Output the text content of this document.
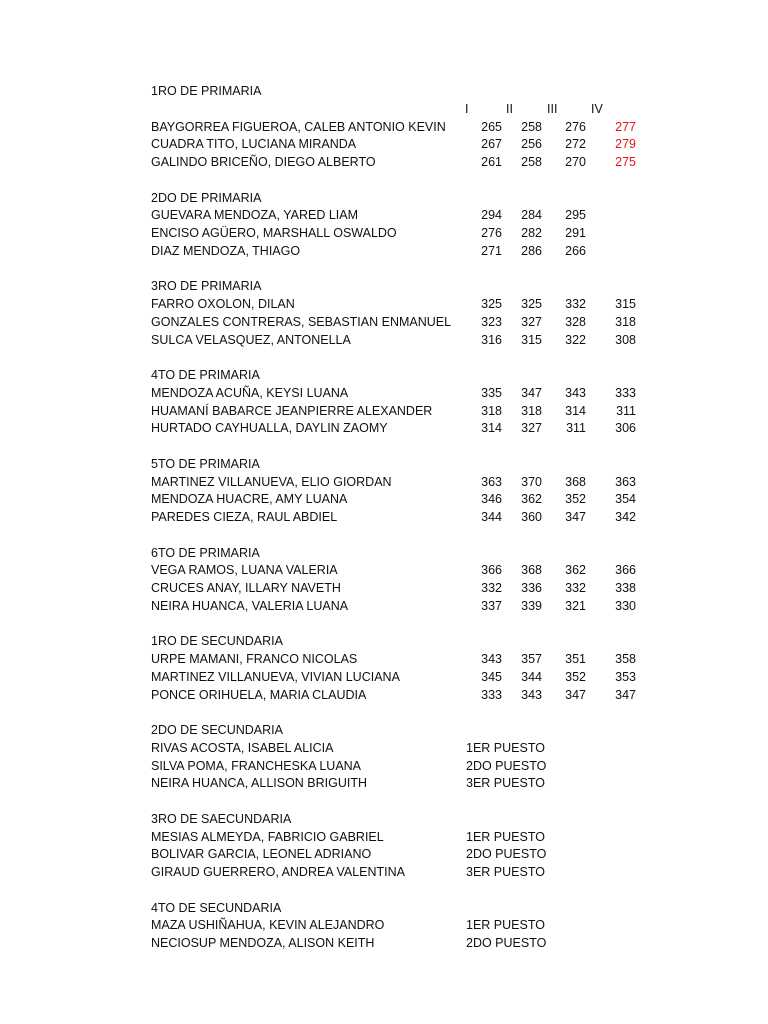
1RO DE PRIMARIA
I	II	III	IV
BAYGORREA FIGUEROA, CALEB ANTONIO KEVIN	265	258	276	277
CUADRA TITO, LUCIANA MIRANDA	267	256	272	279
GALINDO BRICEÑO, DIEGO ALBERTO	261	258	270	275
2DO DE PRIMARIA
GUEVARA MENDOZA, YARED LIAM	294	284	295
ENCISO AGÜERO, MARSHALL OSWALDO	276	282	291
DIAZ MENDOZA, THIAGO	271	286	266
3RO DE PRIMARIA
FARRO OXOLON, DILAN	325	325	332	315
GONZALES CONTRERAS, SEBASTIAN ENMANUEL	323	327	328	318
SULCA VELASQUEZ, ANTONELLA	316	315	322	308
4TO DE PRIMARIA
MENDOZA ACUÑA, KEYSI LUANA	335	347	343	333
HUAMANÍ BABARCE JEANPIERRE ALEXANDER	318	318	314	311
HURTADO CAYHUALLA, DAYLIN ZAOMY	314	327	311	306
5TO DE PRIMARIA
MARTINEZ VILLANUEVA, ELIO GIORDAN	363	370	368	363
MENDOZA HUACRE, AMY LUANA	346	362	352	354
PAREDES CIEZA, RAUL ABDIEL	344	360	347	342
6TO DE PRIMARIA
VEGA RAMOS, LUANA VALERIA	366	368	362	366
CRUCES ANAY, ILLARY NAVETH	332	336	332	338
NEIRA HUANCA, VALERIA LUANA	337	339	321	330
1RO DE SECUNDARIA
URPE MAMANI, FRANCO NICOLAS	343	357	351	358
MARTINEZ VILLANUEVA, VIVIAN LUCIANA	345	344	352	353
PONCE ORIHUELA, MARIA CLAUDIA	333	343	347	347
2DO DE SECUNDARIA
RIVAS ACOSTA, ISABEL ALICIA	1ER PUESTO
SILVA POMA, FRANCHESKA LUANA	2DO PUESTO
NEIRA HUANCA, ALLISON BRIGUITH	3ER PUESTO
3RO DE SAECUNDARIA
MESIAS ALMEYDA, FABRICIO GABRIEL	1ER PUESTO
BOLIVAR GARCIA, LEONEL ADRIANO	2DO PUESTO
GIRAUD GUERRERO, ANDREA VALENTINA	3ER PUESTO
4TO DE SECUNDARIA
MAZA USHIÑAHUA, KEVIN ALEJANDRO	1ER PUESTO
NECIOSUP MENDOZA, ALISON KEITH	2DO PUESTO
